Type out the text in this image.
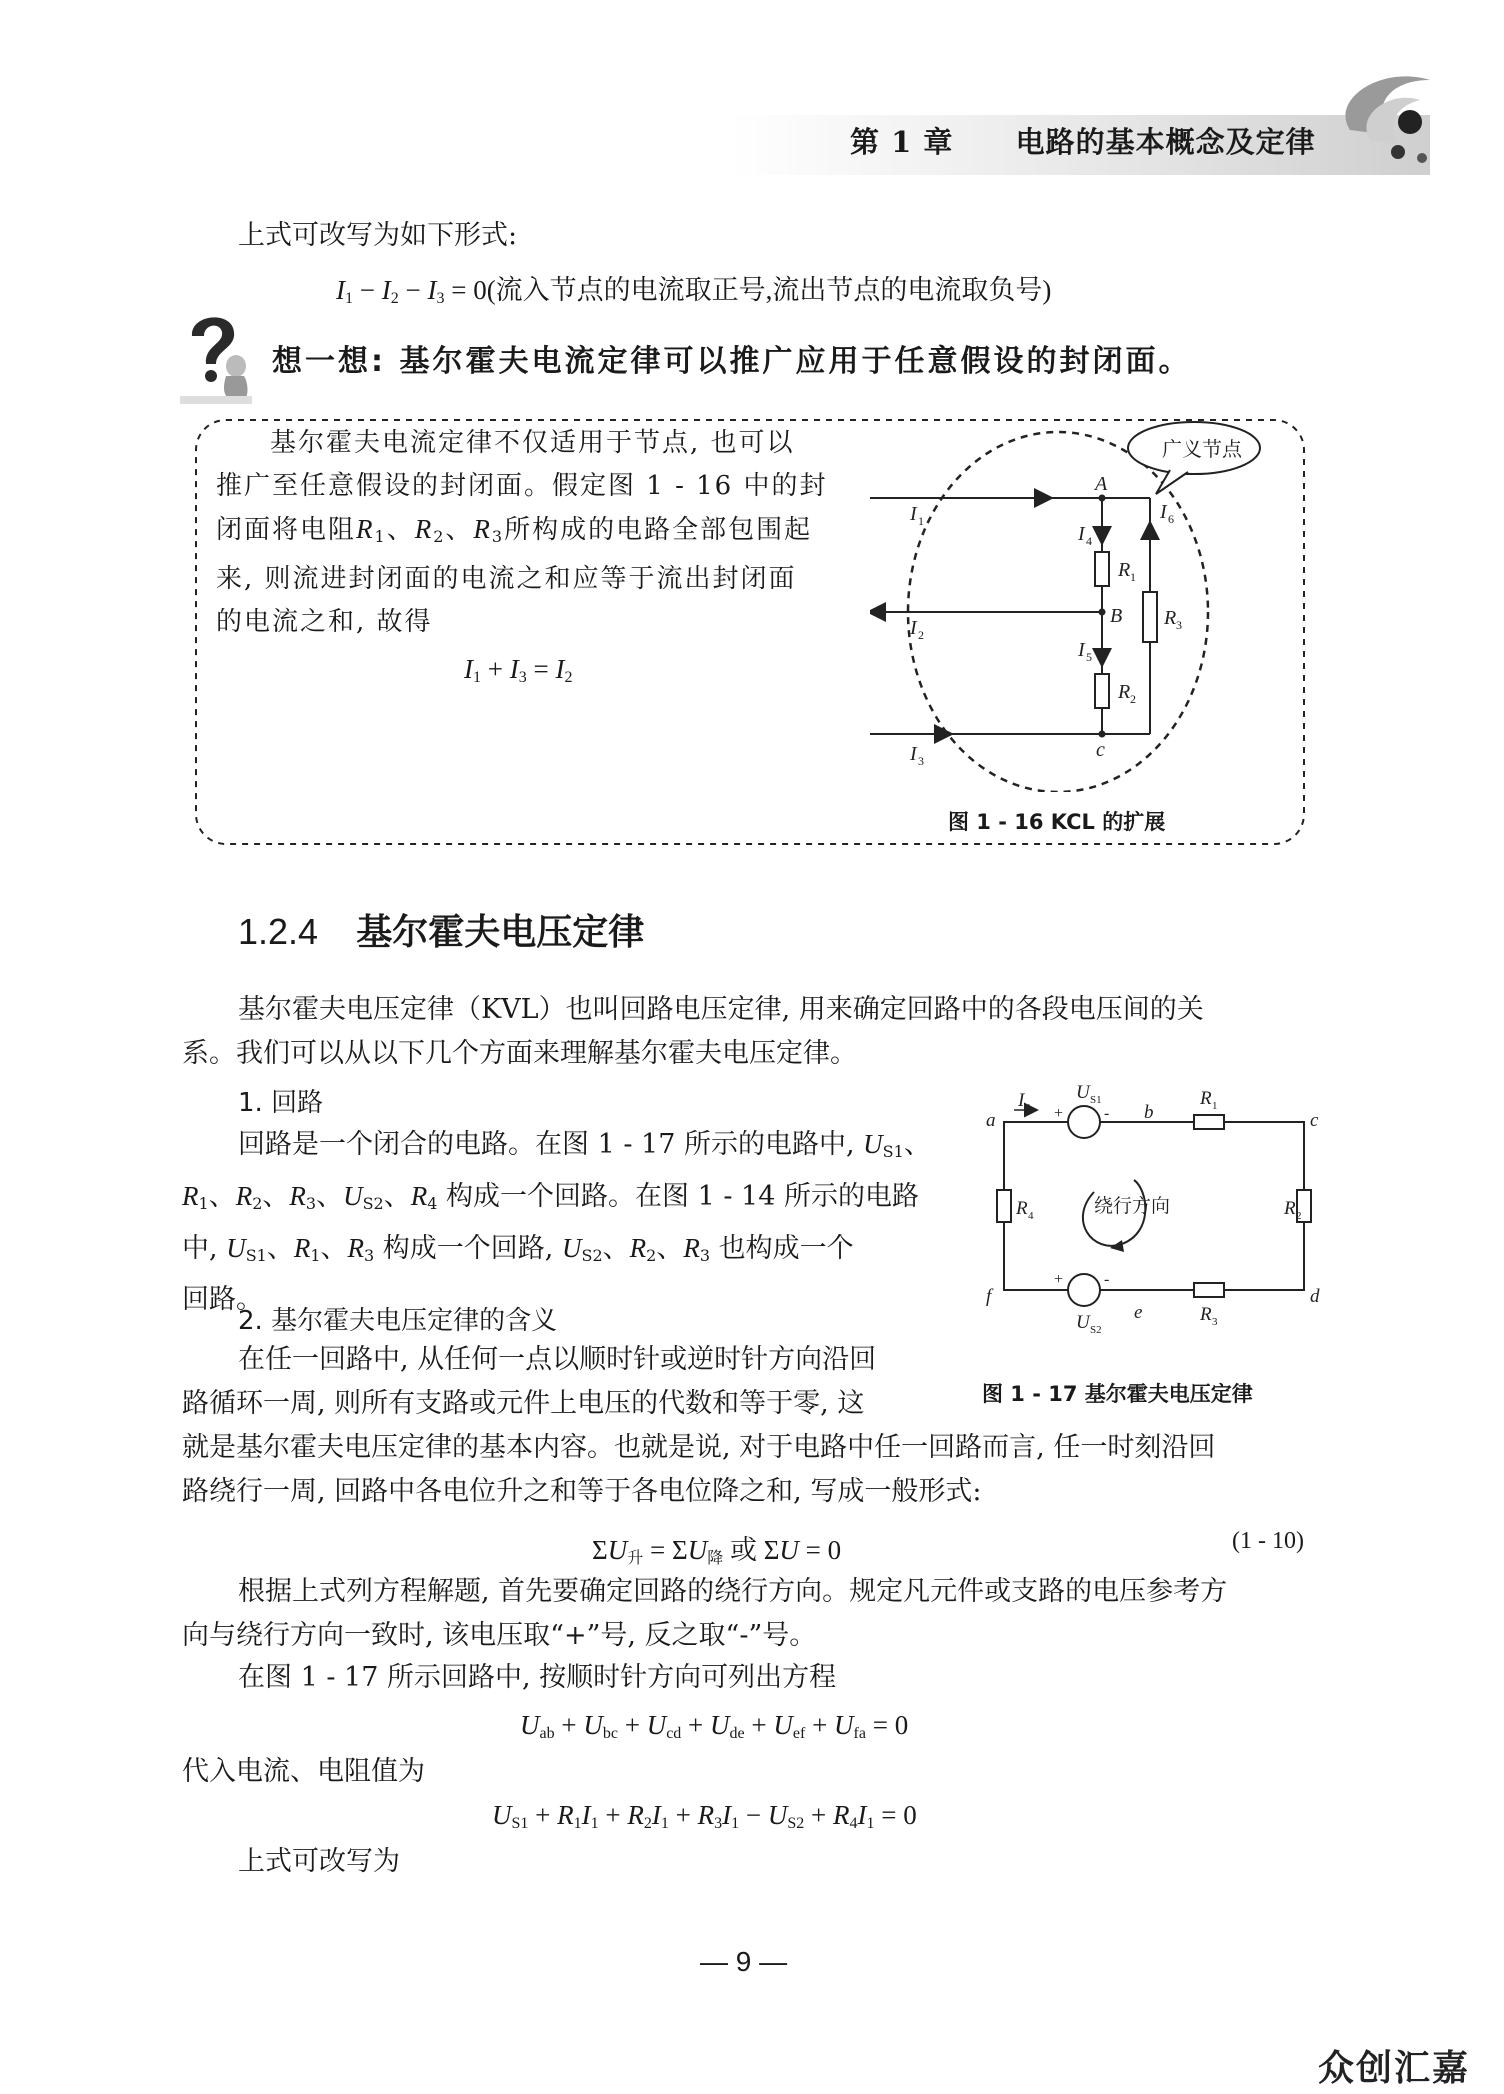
第 1 章 电路的基本概念及定律
上式可改写为如下形式:
$I_1 - I_2 - I_3 = 0$(流入节点的电流取正号,流出节点的电流取负号)
想一想: 基尔霍夫电流定律可以推广应用于任意假设的封闭面。
基尔霍夫电流定律不仅适用于节点, 也可以
推广至任意假设的封闭面。假定图 1 - 16 中的封
闭面将电阻$R_1$、$R_2$、$R_3$所构成的电路全部包围起
来, 则流进封闭面的电流之和应等于流出封闭面
的电流之和, 故得
$I_1 + I_3 = I_2$
I 1
I 2
I 3
I 4
I 5
I 6
R 1
R 2
R 3
A
B
c
广义节点
图 1 - 16 KCL 的扩展
1.2.4 基尔霍夫电压定律
基尔霍夫电压定律（KVL）也叫回路电压定律, 用来确定回路中的各段电压间的关
系。我们可以从以下几个方面来理解基尔霍夫电压定律。
1. 回路
回路是一个闭合的电路。在图 1 - 17 所示的电路中, $U_{S1}$、
$R_1$、$R_2$、$R_3$、$U_{S2}$、$R_4$ 构成一个回路。在图 1 - 14 所示的电路
中, $U_{S1}$、$R_1$、$R_3$ 构成一个回路, $U_{S2}$、$R_2$、$R_3$ 也构成一个
回路。
2. 基尔霍夫电压定律的含义
在任一回路中, 从任何一点以顺时针或逆时针方向沿回
路循环一周, 则所有支路或元件上电压的代数和等于零, 这
就是基尔霍夫电压定律的基本内容。也就是说, 对于电路中任一回路而言, 任一时刻沿回
路绕行一周, 回路中各电位升之和等于各电位降之和, 写成一般形式:
a	b	c
d
e
f
I 1
U S1
U S2
R 1
R 3
R 4	R 2
+	-
+	-
绕行方向
图 1 - 17 基尔霍夫电压定律
$\Sigma U_升 = \Sigma U_降$ 或 ΣU = 0	(1 - 10)
根据上式列方程解题, 首先要确定回路的绕行方向。规定凡元件或支路的电压参考方
向与绕行方向一致时, 该电压取“+”号, 反之取“-”号。
在图 1 - 17 所示回路中, 按顺时针方向可列出方程
$U_{ab} + U_{bc} + U_{cd} + U_{de} + U_{ef} + U_{fa} = 0$
代入电流、电阻值为
$U_{S1} + R_1I_1 + R_2I_1 + R_3I_1 - U_{S2} + R_4I_1 = 0$
上式可改写为
— 9 —
众创汇嘉
